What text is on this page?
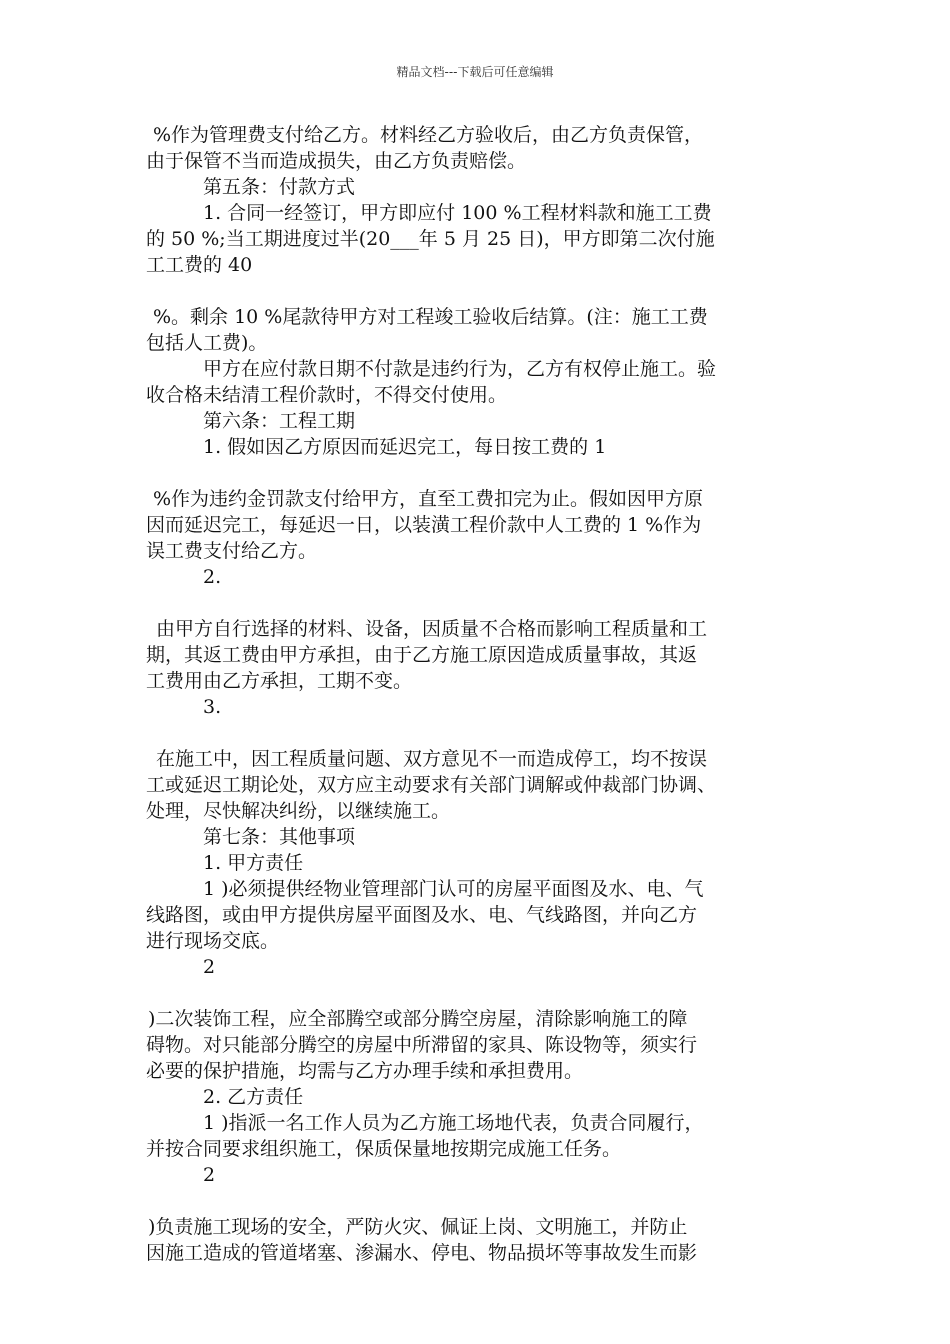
精品文档---下载后可任意编辑
%作为管理费支付给乙方。材料经乙方验收后，由乙方负责保管，
由于保管不当而造成损失，由乙方负责赔偿。
第五条：付款方式
1. 合同一经签订，甲方即应付 100 %工程材料款和施工工费
的 50 %;当工期进度过半(20___年 5 月 25 日)，甲方即第二次付施
工工费的 40
%。剩余 10 %尾款待甲方对工程竣工验收后结算。(注：施工工费
包括人工费)。
甲方在应付款日期不付款是违约行为，乙方有权停止施工。验
收合格未结清工程价款时，不得交付使用。
第六条：工程工期
1. 假如因乙方原因而延迟完工，每日按工费的 1
%作为违约金罚款支付给甲方，直至工费扣完为止。假如因甲方原
因而延迟完工，每延迟一日，以装潢工程价款中人工费的 1 %作为
误工费支付给乙方。
2.
由甲方自行选择的材料、设备，因质量不合格而影响工程质量和工
期，其返工费由甲方承担，由于乙方施工原因造成质量事故，其返
工费用由乙方承担，工期不变。
3.
在施工中，因工程质量问题、双方意见不一而造成停工，均不按误
工或延迟工期论处，双方应主动要求有关部门调解或仲裁部门协调、
处理，尽快解决纠纷，以继续施工。
第七条：其他事项
1. 甲方责任
1 )必须提供经物业管理部门认可的房屋平面图及水、电、气
线路图，或由甲方提供房屋平面图及水、电、气线路图，并向乙方
进行现场交底。
2
)二次装饰工程，应全部腾空或部分腾空房屋，清除影响施工的障
碍物。对只能部分腾空的房屋中所滞留的家具、陈设物等，须实行
必要的保护措施，均需与乙方办理手续和承担费用。
2. 乙方责任
1 )指派一名工作人员为乙方施工场地代表，负责合同履行，
并按合同要求组织施工，保质保量地按期完成施工任务。
2
)负责施工现场的安全，严防火灾、佩证上岗、文明施工，并防止
因施工造成的管道堵塞、渗漏水、停电、物品损坏等事故发生而影
